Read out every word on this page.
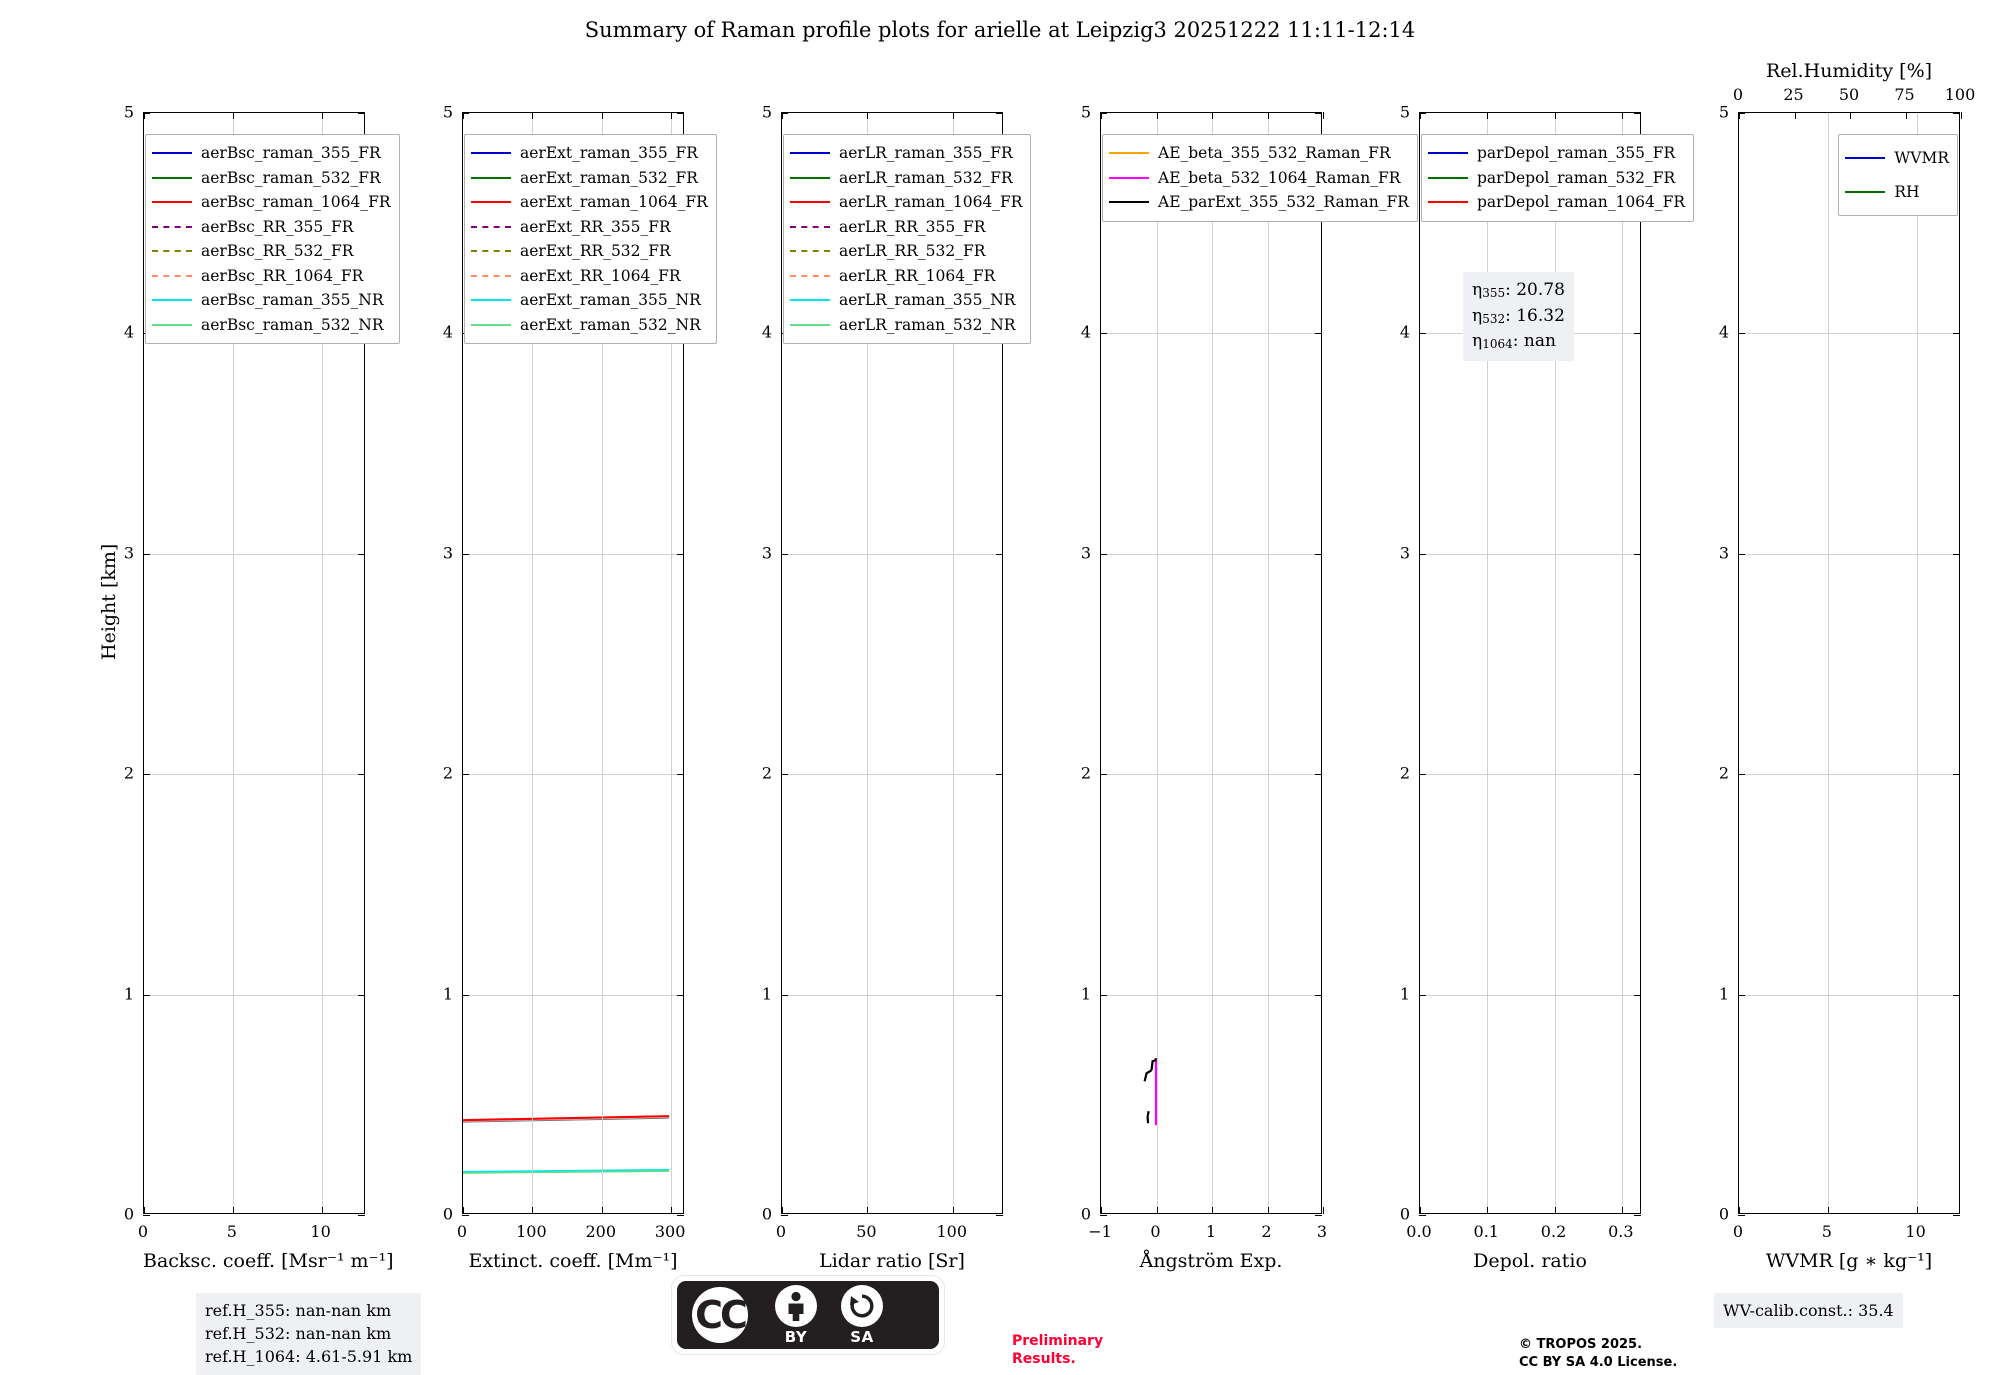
Summary of Raman profile plots for arielle at Leipzig3 20251222 11:11-12:14
Height [km]
Backsc. coeff. [Msr⁻¹ m⁻¹]
aerBsc_raman_355_FR
aerBsc_raman_532_FR
aerBsc_raman_1064_FR
aerBsc_RR_355_FR
aerBsc_RR_532_FR
aerBsc_RR_1064_FR
aerBsc_raman_355_NR
aerBsc_raman_532_NR
0
1
2
3
4
5
0	5	10
Extinct. coeff. [Mm⁻¹]
aerExt_raman_355_FR
aerExt_raman_532_FR
aerExt_raman_1064_FR
aerExt_RR_355_FR
aerExt_RR_532_FR
aerExt_RR_1064_FR
aerExt_raman_355_NR
aerExt_raman_532_NR
0
1
2
3
4
5
0	100 200 300
Lidar ratio [Sr]
aerLR_raman_355_FR
aerLR_raman_532_FR
aerLR_raman_1064_FR
aerLR_RR_355_FR
aerLR_RR_532_FR
aerLR_RR_1064_FR
aerLR_raman_355_NR
aerLR_raman_532_NR
0
1
2
3
4
5
0	50	100
Ångström Exp.
AE_beta_355_532_Raman_FR
AE_beta_532_1064_Raman_FR
AE_parExt_355_532_Raman_FR
0
1
2
3
4
5
−1 0	1	2	3
Depol. ratio
parDepol_raman_355_FR
parDepol_raman_532_FR
parDepol_raman_1064_FR
η355: 20.78
η532: 16.32
η1064: nan
0
1
2
3
4
5
0.0	0.1	0.2	0.3
WVMR [g ∗ kg⁻¹]
Rel.Humidity [%]
WVMR
RH
0
1
2
3
4
5
0	5	10
0	25 50 75 100
ref.H_355: nan-nan km
ref.H_532: nan-nan km
ref.H_1064: 4.61-5.91 km
WV-calib.const.: 35.4
Preliminary
Results.
© TROPOS 2025.
CC BY SA 4.0 License.
CC	BY	SA
